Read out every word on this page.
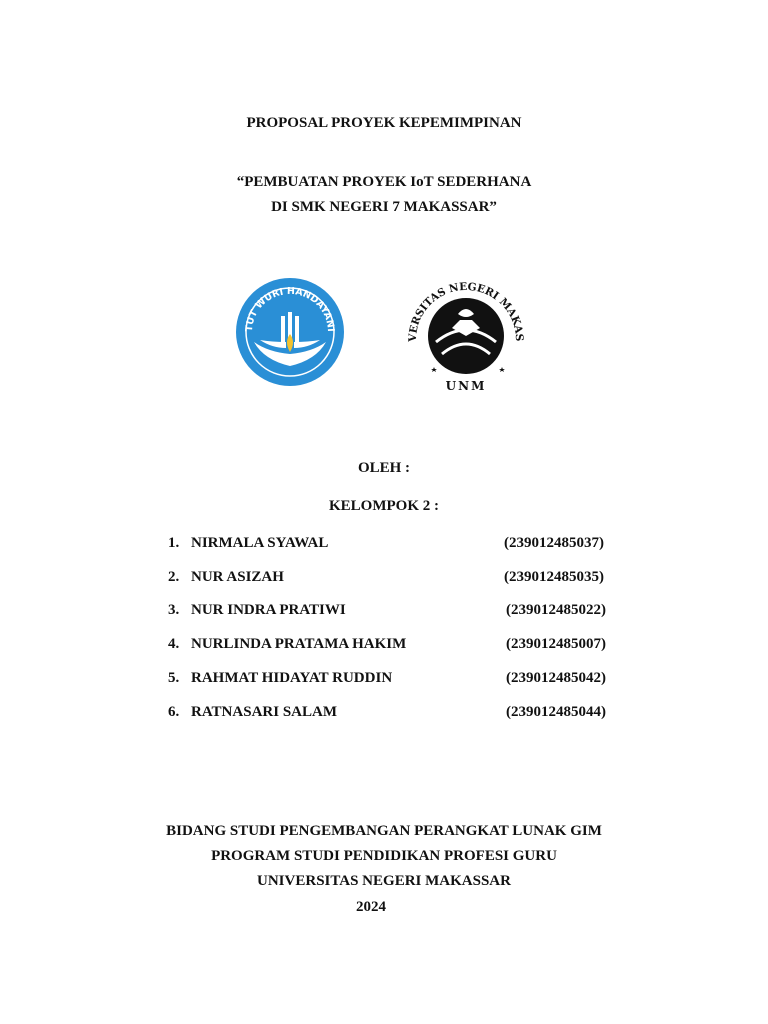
PROPOSAL PROYEK KEPEMIMPINAN
“PEMBUATAN PROYEK IoT SEDERHANA
DI SMK NEGERI 7 MAKASSAR”
TUT WURI HANDAYANI
VERSITAS NEGERI MAKAS
UNM
OLEH :
KELOMPOK 2 :
1. NIRMALA SYAWAL	(239012485037)
2. NUR ASIZAH	(239012485035)
3. NUR INDRA PRATIWI	(239012485022)
4. NURLINDA PRATAMA HAKIM	(239012485007)
5. RAHMAT HIDAYAT RUDDIN	(239012485042)
6. RATNASARI SALAM	(239012485044)
BIDANG STUDI PENGEMBANGAN PERANGKAT LUNAK GIM
PROGRAM STUDI PENDIDIKAN PROFESI GURU
UNIVERSITAS NEGERI MAKASSAR
2024
